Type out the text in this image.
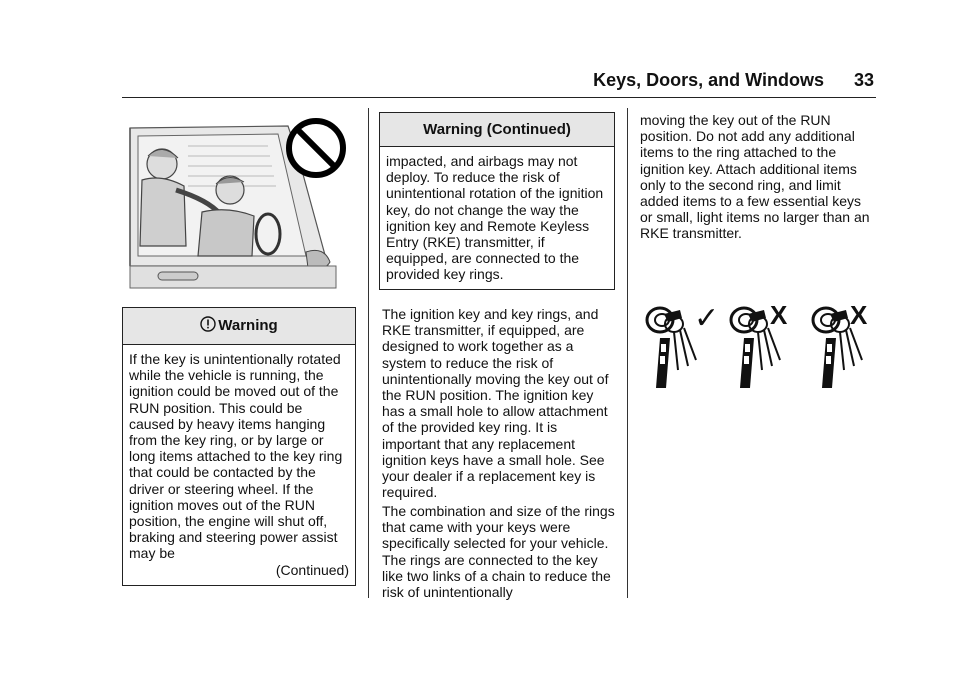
Keys, Doors, and Windows 33
Warning
If the key is unintentionally rotated while the vehicle is running, the ignition could be moved out of the RUN position. This could be caused by heavy items hanging from the key ring, or by large or long items attached to the key ring that could be contacted by the driver or steering wheel. If the ignition moves out of the RUN position, the engine will shut off, braking and steering power assist may be
(Continued)
Warning (Continued)
impacted, and airbags may not deploy. To reduce the risk of unintentional rotation of the ignition key, do not change the way the ignition key and Remote Keyless Entry (RKE) transmitter, if equipped, are connected to the provided key rings.
The ignition key and key rings, and RKE transmitter, if equipped, are designed to work together as a system to reduce the risk of unintentionally moving the key out of the RUN position. The ignition key has a small hole to allow attachment of the provided key ring. It is important that any replacement ignition keys have a small hole. See your dealer if a replacement key is required.
The combination and size of the rings that came with your keys were specifically selected for your vehicle. The rings are connected to the key like two links of a chain to reduce the risk of unintentionally
moving the key out of the RUN position. Do not add any additional items to the ring attached to the ignition key. Attach additional items only to the second ring, and limit added items to a few essential keys or small, light items no larger than an RKE transmitter.
✓ X X
